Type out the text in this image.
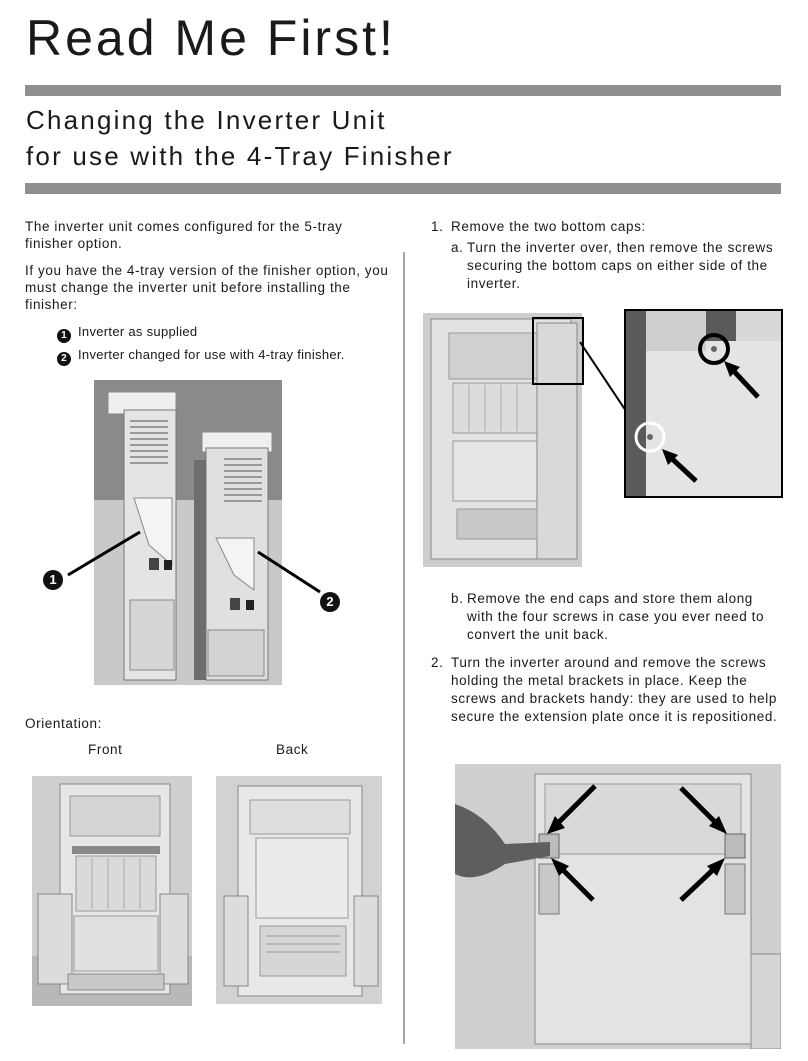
Read Me First!
Changing the Inverter Unit
for use with the 4-Tray Finisher
The inverter unit comes configured for the 5-tray finisher option.
If you have the 4-tray version of the finisher option, you must change the inverter unit before installing the finisher:
1 Inverter as supplied
2 Inverter changed for use with 4-tray finisher.
1
2
Orientation:
Front	Back
1. Remove the two bottom caps:
a. Turn the inverter over, then remove the screws securing the bottom caps on either side of the inverter.
b. Remove the end caps and store them along with the four screws in case you ever need to convert the unit back.
2. Turn the inverter around and remove the screws holding the metal brackets in place. Keep the screws and brackets handy: they are used to help secure the extension plate once it is repositioned.
